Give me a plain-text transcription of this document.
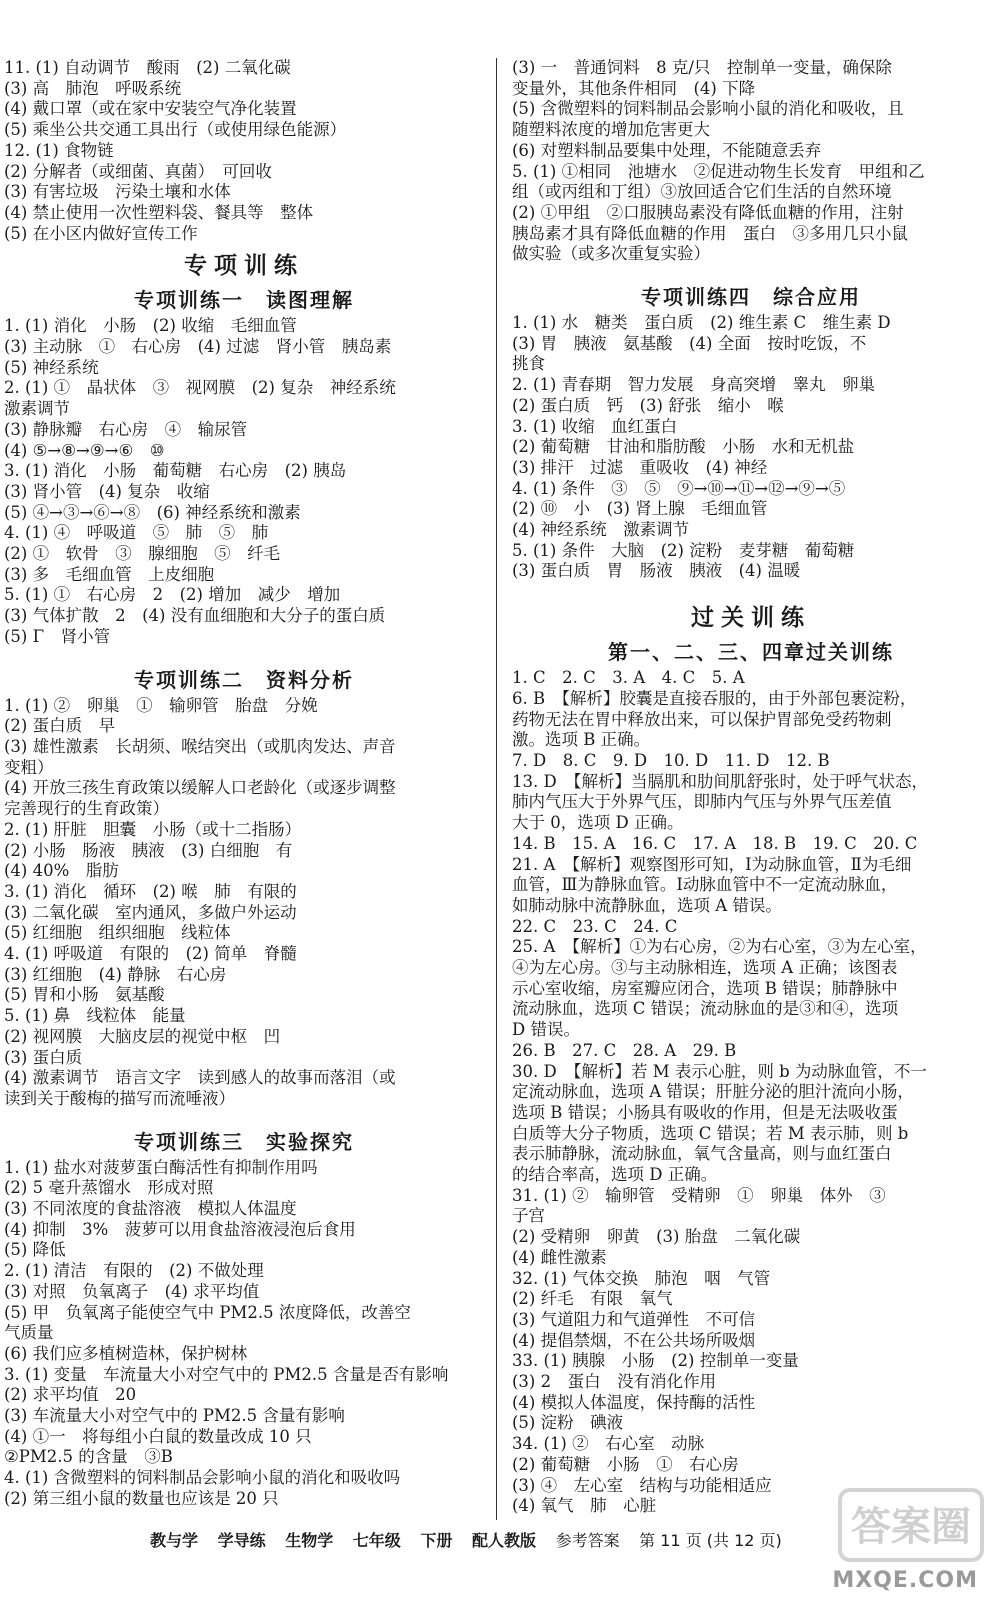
11. (1) 自动调节　酸雨　(2) 二氧化碳
(3) 高　肺泡　呼吸系统
(4) 戴口罩（或在家中安装空气净化装置
(5) 乘坐公共交通工具出行（或使用绿色能源）
12. (1) 食物链
(2) 分解者（或细菌、真菌）　可回收
(3) 有害垃圾　污染土壤和水体
(4) 禁止使用一次性塑料袋、餐具等　整体
(5) 在小区内做好宣传工作
专项训练
专项训练一　读图理解
1. (1) 消化　小肠　(2) 收缩　毛细血管
(3) 主动脉　①　右心房　(4) 过滤　肾小管　胰岛素
(5) 神经系统
2. (1) ①　晶状体　③　视网膜　(2) 复杂　神经系统
激素调节
(3) 静脉瓣　右心房　④　输尿管
(4) ⑤→⑧→⑨→⑥　⑩
3. (1) 消化　小肠　葡萄糖　右心房　(2) 胰岛
(3) 肾小管　(4) 复杂　收缩
(5) ④→③→⑥→⑧　(6) 神经系统和激素
4. (1) ④　呼吸道　⑤　肺　⑤　肺
(2) ①　软骨　③　腺细胞　⑤　纤毛
(3) 多　毛细血管　上皮细胞
5. (1) ①　右心房　2　(2) 增加　减少　增加
(3) 气体扩散　2　(4) 没有血细胞和大分子的蛋白质
(5) Γ　肾小管
专项训练二　资料分析
1. (1) ②　卵巢　①　输卵管　胎盘　分娩
(2) 蛋白质　早
(3) 雄性激素　长胡须、喉结突出（或肌肉发达、声音
变粗）
(4) 开放三孩生育政策以缓解人口老龄化（或逐步调整
完善现行的生育政策）
2. (1) 肝脏　胆囊　小肠（或十二指肠）
(2) 小肠　肠液　胰液　(3) 白细胞　有
(4) 40%　脂肪
3. (1) 消化　循环　(2) 喉　肺　有限的
(3) 二氧化碳　室内通风，多做户外运动
(5) 红细胞　组织细胞　线粒体
4. (1) 呼吸道　有限的　(2) 简单　脊髓
(3) 红细胞　(4) 静脉　右心房
(5) 胃和小肠　氨基酸
5. (1) 鼻　线粒体　能量
(2) 视网膜　大脑皮层的视觉中枢　凹
(3) 蛋白质
(4) 激素调节　语言文字　读到感人的故事而落泪（或
读到关于酸梅的描写而流唾液）
专项训练三　实验探究
1. (1) 盐水对菠萝蛋白酶活性有抑制作用吗
(2) 5 毫升蒸馏水　形成对照
(3) 不同浓度的食盐溶液　模拟人体温度
(4) 抑制　3%　菠萝可以用食盐溶液浸泡后食用
(5) 降低
2. (1) 清洁　有限的　(2) 不做处理
(3) 对照　负氧离子　(4) 求平均值
(5) 甲　负氧离子能使空气中 PM2.5 浓度降低，改善空
气质量
(6) 我们应多植树造林，保护树林
3. (1) 变量　车流量大小对空气中的 PM2.5 含量是否有影响
(2) 求平均值　20
(3) 车流量大小对空气中的 PM2.5 含量有影响
(4) ①一　将每组小白鼠的数量改成 10 只
②PM2.5 的含量　③B
4. (1) 含微塑料的饲料制品会影响小鼠的消化和吸收吗
(2) 第三组小鼠的数量也应该是 20 只
(3) 一　普通饲料　8 克/只　控制单一变量，确保除
变量外，其他条件相同　(4) 下降
(5) 含微塑料的饲料制品会影响小鼠的消化和吸收，且
随塑料浓度的增加危害更大
(6) 对塑料制品要集中处理，不能随意丢弃
5. (1) ①相同　池塘水　②促进动物生长发育　甲组和乙
组（或丙组和丁组）③放回适合它们生活的自然环境
(2) ①甲组　②口服胰岛素没有降低血糖的作用，注射
胰岛素才具有降低血糖的作用　蛋白　③多用几只小鼠
做实验（或多次重复实验）
专项训练四　综合应用
1. (1) 水　糖类　蛋白质　(2) 维生素 C　维生素 D
(3) 胃　胰液　氨基酸　(4) 全面　按时吃饭，不
挑食
2. (1) 青春期　智力发展　身高突增　睾丸　卵巢
(2) 蛋白质　钙　(3) 舒张　缩小　喉
3. (1) 收缩　血红蛋白
(2) 葡萄糖　甘油和脂肪酸　小肠　水和无机盐
(3) 排汗　过滤　重吸收　(4) 神经
4. (1) 条件　③　⑤　⑨→⑩→⑪→⑫→⑨→⑤
(2) ⑩　小　(3) 肾上腺　毛细血管
(4) 神经系统　激素调节
5. (1) 条件　大脑　(2) 淀粉　麦芽糖　葡萄糖
(3) 蛋白质　胃　肠液　胰液　(4) 温暖
过关训练
第一、二、三、四章过关训练
1. C　2. C　3. A　4. C　5. A
6. B　【解析】胶囊是直接吞服的，由于外部包裹淀粉，
药物无法在胃中释放出来，可以保护胃部免受药物刺
激。选项 B 正确。
7. D　8. C　9. D　10. D　11. D　12. B
13. D　【解析】当膈肌和肋间肌舒张时，处于呼气状态，
肺内气压大于外界气压，即肺内气压与外界气压差值
大于 0，选项 D 正确。
14. B　15. A　16. C　17. A　18. B　19. C　20. C
21. A　【解析】观察图形可知，Ⅰ为动脉血管，Ⅱ为毛细
血管，Ⅲ为静脉血管。Ⅰ动脉血管中不一定流动脉血，
如肺动脉中流静脉血，选项 A 错误。
22. C　23. C　24. C
25. A　【解析】①为右心房，②为右心室，③为左心室，
④为左心房。③与主动脉相连，选项 A 正确；该图表
示心室收缩，房室瓣应闭合，选项 B 错误；肺静脉中
流动脉血，选项 C 错误；流动脉血的是③和④，选项
D 错误。
26. B　27. C　28. A　29. B
30. D　【解析】若 M 表示心脏，则 b 为动脉血管，不一
定流动脉血，选项 A 错误；肝脏分泌的胆汁流向小肠，
选项 B 错误；小肠具有吸收的作用，但是无法吸收蛋
白质等大分子物质，选项 C 错误；若 M 表示肺，则 b
表示肺静脉，流动脉血，氧气含量高，则与血红蛋白
的结合率高，选项 D 正确。
31. (1) ②　输卵管　受精卵　①　卵巢　体外　③
子宫
(2) 受精卵　卵黄　(3) 胎盘　二氧化碳
(4) 雌性激素
32. (1) 气体交换　肺泡　咽　气管
(2) 纤毛　有限　氧气
(3) 气道阻力和气道弹性　不可信
(4) 提倡禁烟，不在公共场所吸烟
33. (1) 胰腺　小肠　(2) 控制单一变量
(3) 2　蛋白　没有消化作用
(4) 模拟人体温度，保持酶的活性
(5) 淀粉　碘液
34. (1) ②　右心室　动脉
(2) 葡萄糖　小肠　①　右心房
(3) ④　左心室　结构与功能相适应
(4) 氧气　肺　心脏
教与学 学导练 生物学 七年级 下册 配人教版 参考答案 第 11 页 (共 12 页)	答案圈
MXQE.COM
